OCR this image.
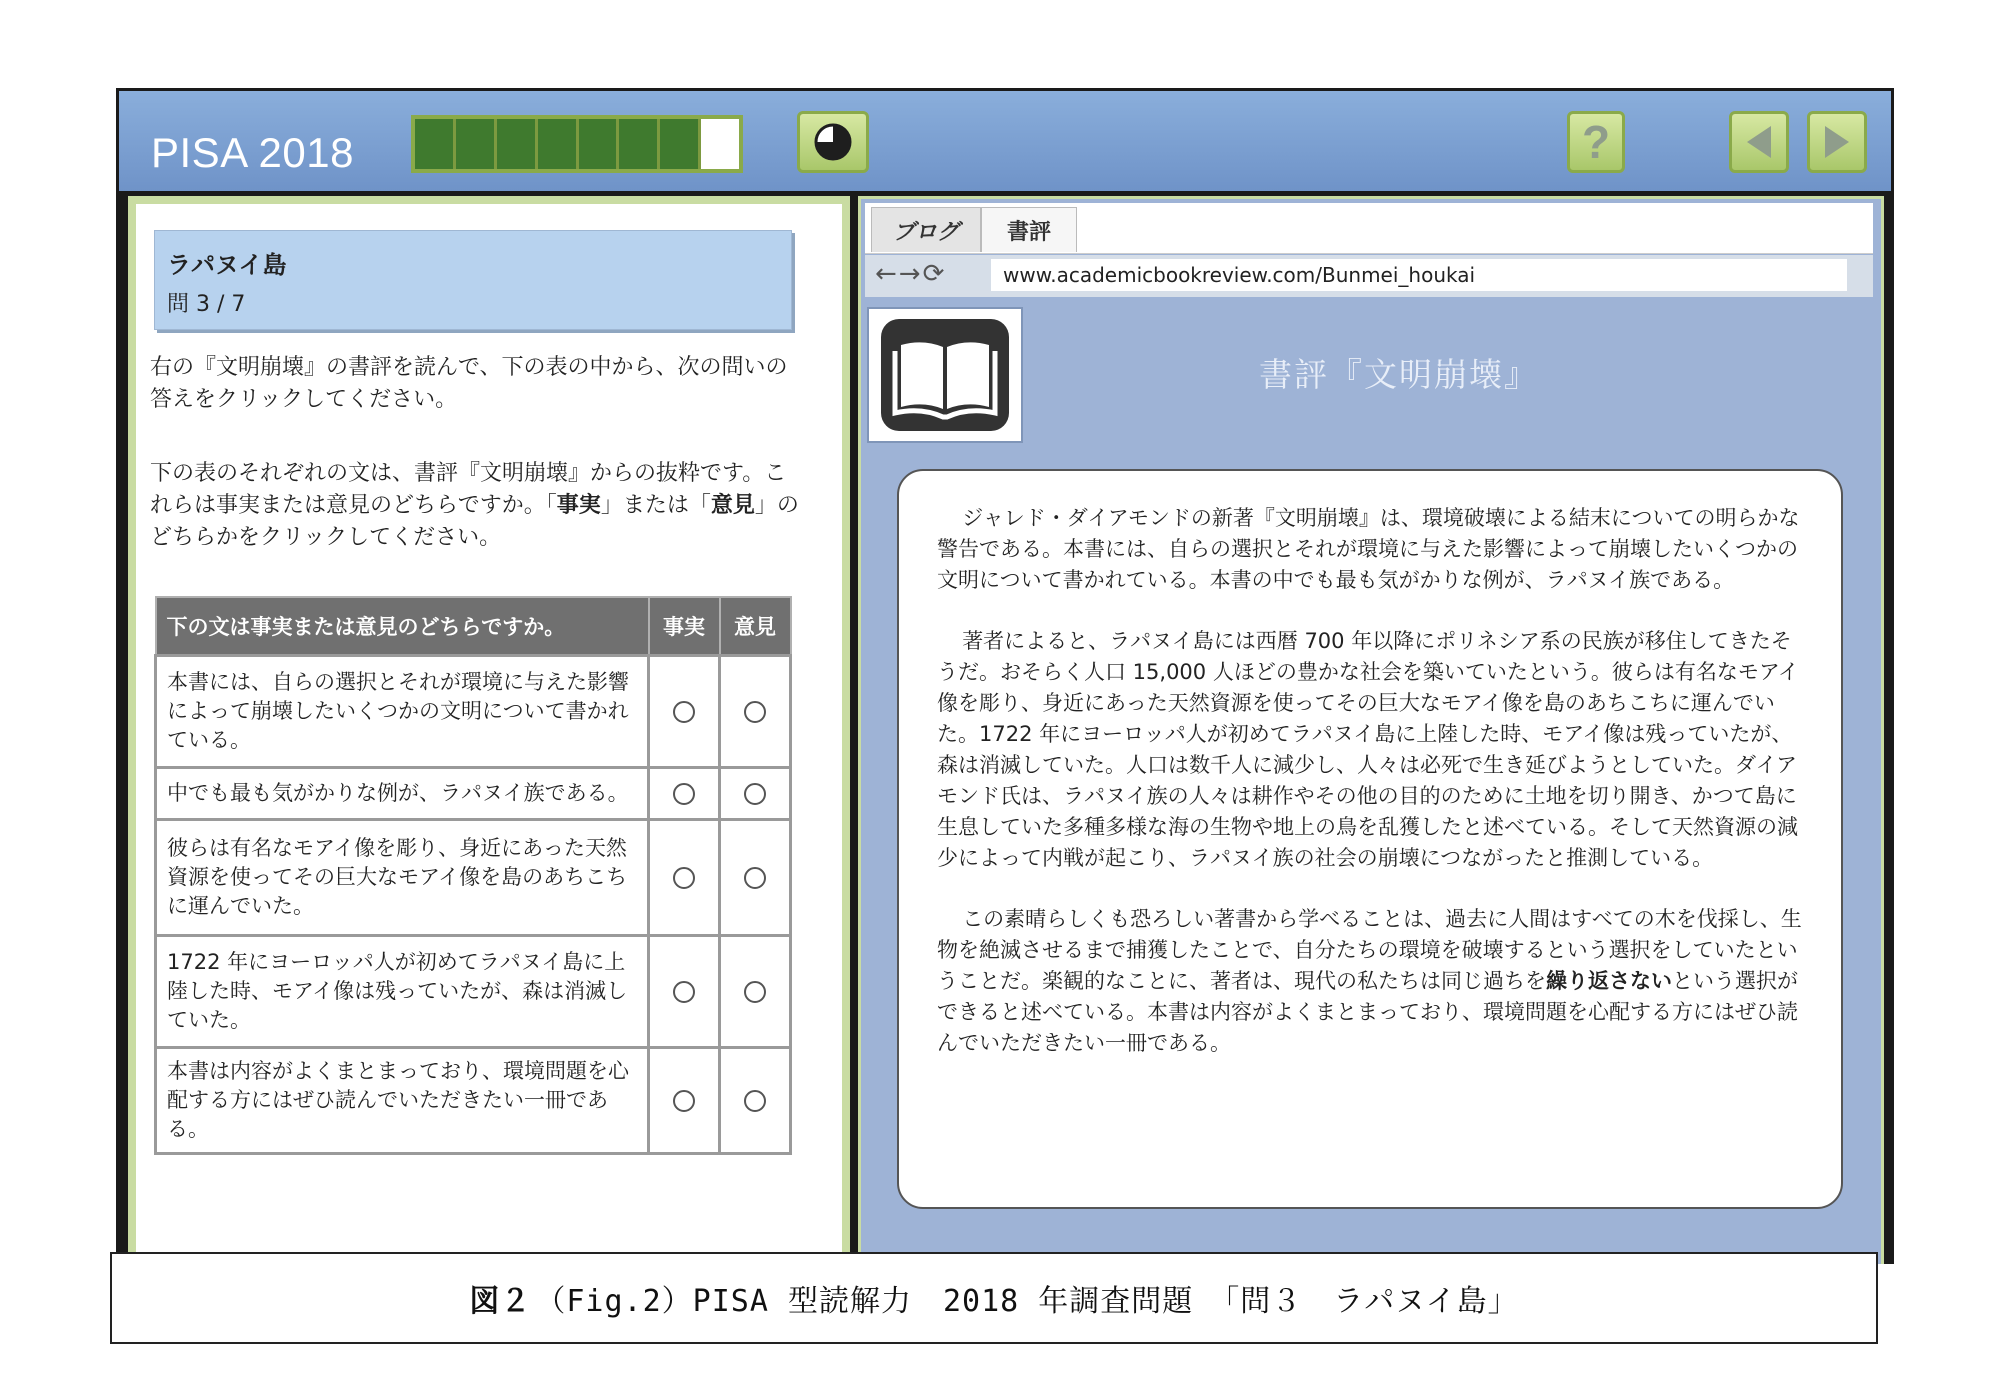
PISA 2018	?
ラパヌイ島
問 3 / 7
右の『文明崩壊』の書評を読んで、下の表の中から、次の問いの答えをクリックしてください。
下の表のそれぞれの文は、書評『文明崩壊』からの抜粋です。これらは事実または意見のどちらですか。「事実」または「意見」のどちらかをクリックしてください。
下の文は事実または意見のどちらですか。	事実	意見
本書には、自らの選択とそれが環境に与えた影響によって崩壊したいくつかの文明について書かれている。		
中でも最も気がかりな例が、ラパヌイ族である。		
彼らは有名なモアイ像を彫り、身近にあった天然資源を使ってその巨大なモアイ像を島のあちこちに運んでいた。		
1722 年にヨーロッパ人が初めてラパヌイ島に上陸した時、モアイ像は残っていたが、森は消滅していた。		
本書は内容がよくまとまっており、環境問題を心配する方にはぜひ読んでいただきたい一冊である。		
ブログ	書評
←→⟳	www.academicbookreview.com/Bunmei_houkai
書評『文明崩壊』

ジャレド・ダイアモンドの新著『文明崩壊』は、環境破壊による結末についての明らかな警告である。本書には、自らの選択とそれが環境に与えた影響によって崩壊したいくつかの文明について書かれている。本書の中でも最も気がかりな例が、ラパヌイ族である。

著者によると、ラパヌイ島には西暦 700 年以降にポリネシア系の民族が移住してきたそうだ。おそらく人口 15,000 人ほどの豊かな社会を築いていたという。彼らは有名なモアイ像を彫り、身近にあった天然資源を使ってその巨大なモアイ像を島のあちこちに運んでいた。1722 年にヨーロッパ人が初めてラパヌイ島に上陸した時、モアイ像は残っていたが、森は消滅していた。人口は数千人に減少し、人々は必死で生き延びようとしていた。ダイアモンド氏は、ラパヌイ族の人々は耕作やその他の目的のために土地を切り開き、かつて島に生息していた多種多様な海の生物や地上の鳥を乱獲したと述べている。そして天然資源の減少によって内戦が起こり、ラパヌイ族の社会の崩壊につながったと推測している。

この素晴らしくも恐ろしい著書から学べることは、過去に人間はすべての木を伐採し、生物を絶滅させるまで捕獲したことで、自分たちの環境を破壊するという選択をしていたということだ。楽観的なことに、著者は、現代の私たちは同じ過ちを繰り返さないという選択ができると述べている。本書は内容がよくまとまっており、環境問題を心配する方にはぜひ読んでいただきたい一冊である。

図２ （Fig.2）PISA 型読解力　2018 年調査問題　「問３　ラパヌイ島」
